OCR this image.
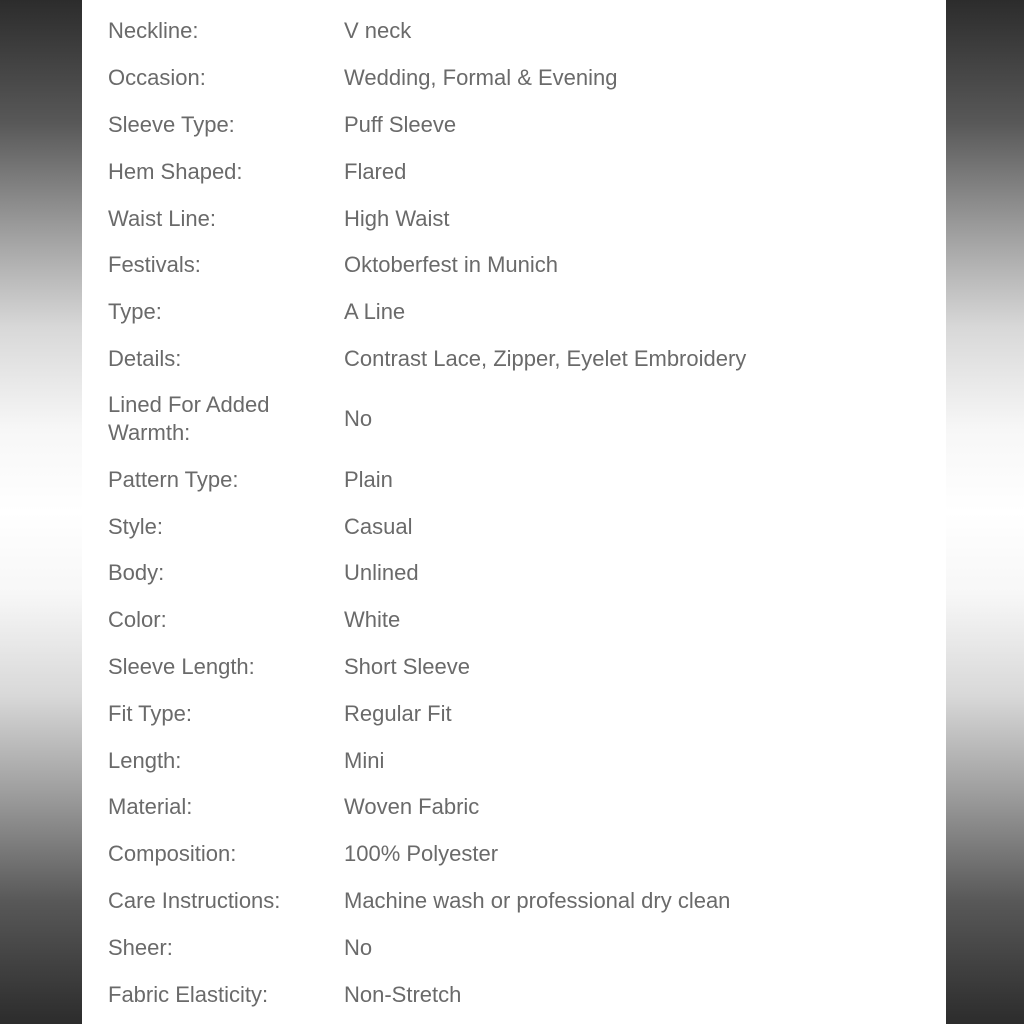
Neckline:	V neck
Occasion:	Wedding, Formal & Evening
Sleeve Type:	Puff Sleeve
Hem Shaped:	Flared
Waist Line:	High Waist
Festivals:	Oktoberfest in Munich
Type:	A Line
Details:	Contrast Lace, Zipper, Eyelet Embroidery
Lined For Added Warmth:
No
Pattern Type:	Plain
Style:	Casual
Body:	Unlined
Color:	White
Sleeve Length:	Short Sleeve
Fit Type:	Regular Fit
Length:	Mini
Material:	Woven Fabric
Composition:	100% Polyester
Care Instructions:	Machine wash or professional dry clean
Sheer:	No
Fabric Elasticity:	Non-Stretch
